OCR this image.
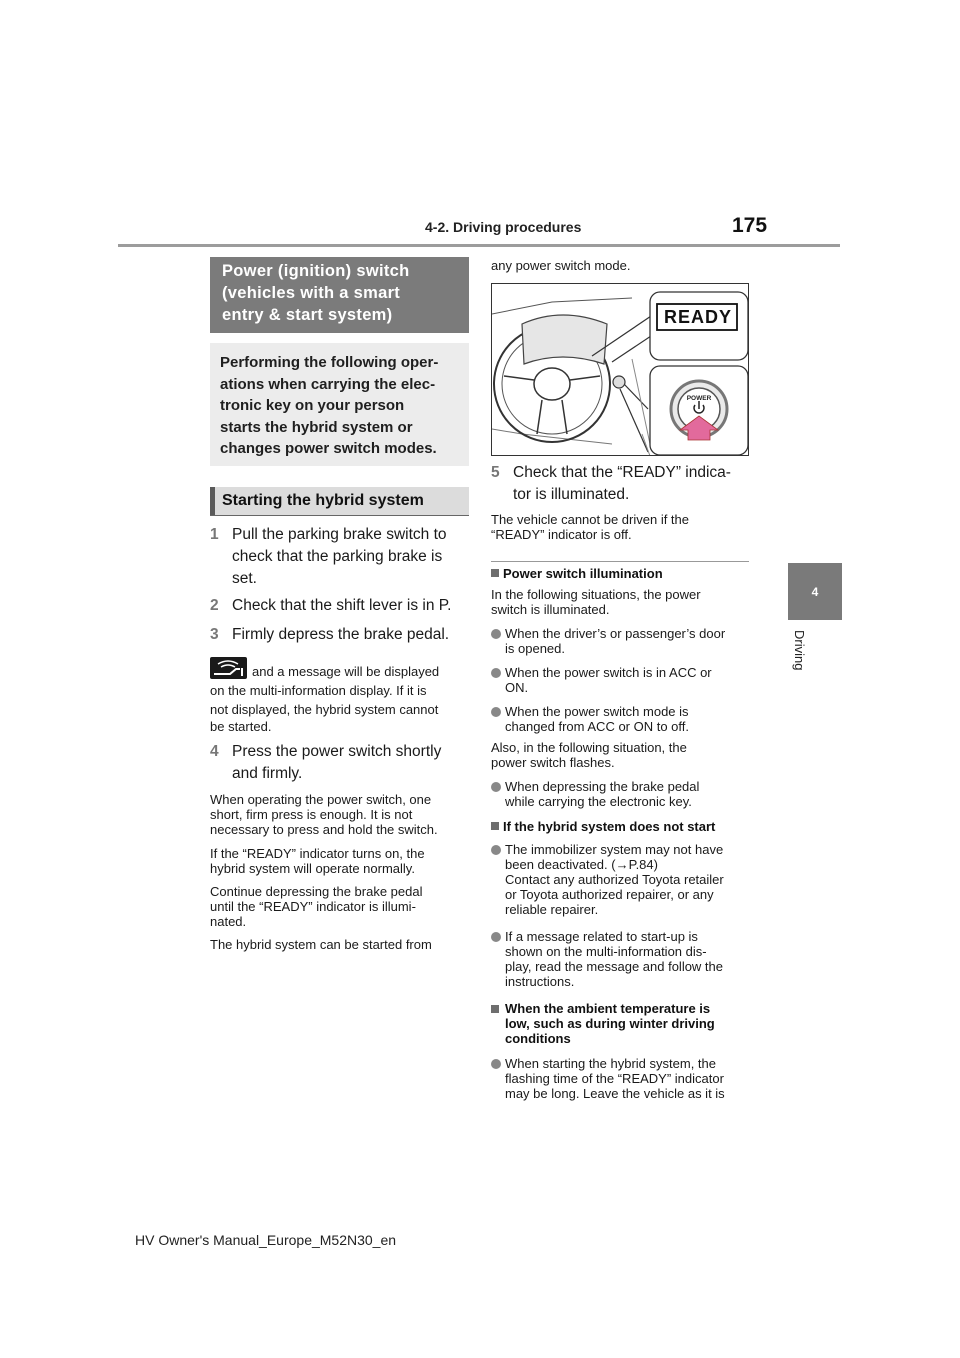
4-2. Driving procedures	175
4
Driving
Power (ignition) switch
(vehicles with a smart
entry & start system)
Performing the following oper-
ations when carrying the elec-
tronic key on your person
starts the hybrid system or
changes power switch modes.
Starting the hybrid system
1 Pull the parking brake switch to
check that the parking brake is
set.
2 Check that the shift lever is in P.
3 Firmly depress the brake pedal.
and a message will be displayed
on the multi-information display. If it is
not displayed, the hybrid system cannot
be started.
4 Press the power switch shortly
and firmly.
When operating the power switch, one
short, firm press is enough. It is not
necessary to press and hold the switch.
If the “READY” indicator turns on, the
hybrid system will operate normally.
Continue depressing the brake pedal
until the “READY” indicator is illumi-
nated.
The hybrid system can be started from
any power switch mode.
READY
POWER
5 Check that the “READY” indica-
tor is illuminated.
The vehicle cannot be driven if the
“READY” indicator is off.
Power switch illumination
In the following situations, the power
switch is illuminated.
When the driver’s or passenger’s door
is opened.
When the power switch is in ACC or
ON.
When the power switch mode is
changed from ACC or ON to off.
Also, in the following situation, the
power switch flashes.
When depressing the brake pedal
while carrying the electronic key.
If the hybrid system does not start
The immobilizer system may not have
been deactivated. (→P.84)
Contact any authorized Toyota retailer
or Toyota authorized repairer, or any
reliable repairer.
If a message related to start-up is
shown on the multi-information dis-
play, read the message and follow the
instructions.
When the ambient temperature is
low, such as during winter driving
conditions
When starting the hybrid system, the
flashing time of the “READY” indicator
may be long. Leave the vehicle as it is
HV Owner's Manual_Europe_M52N30_en
